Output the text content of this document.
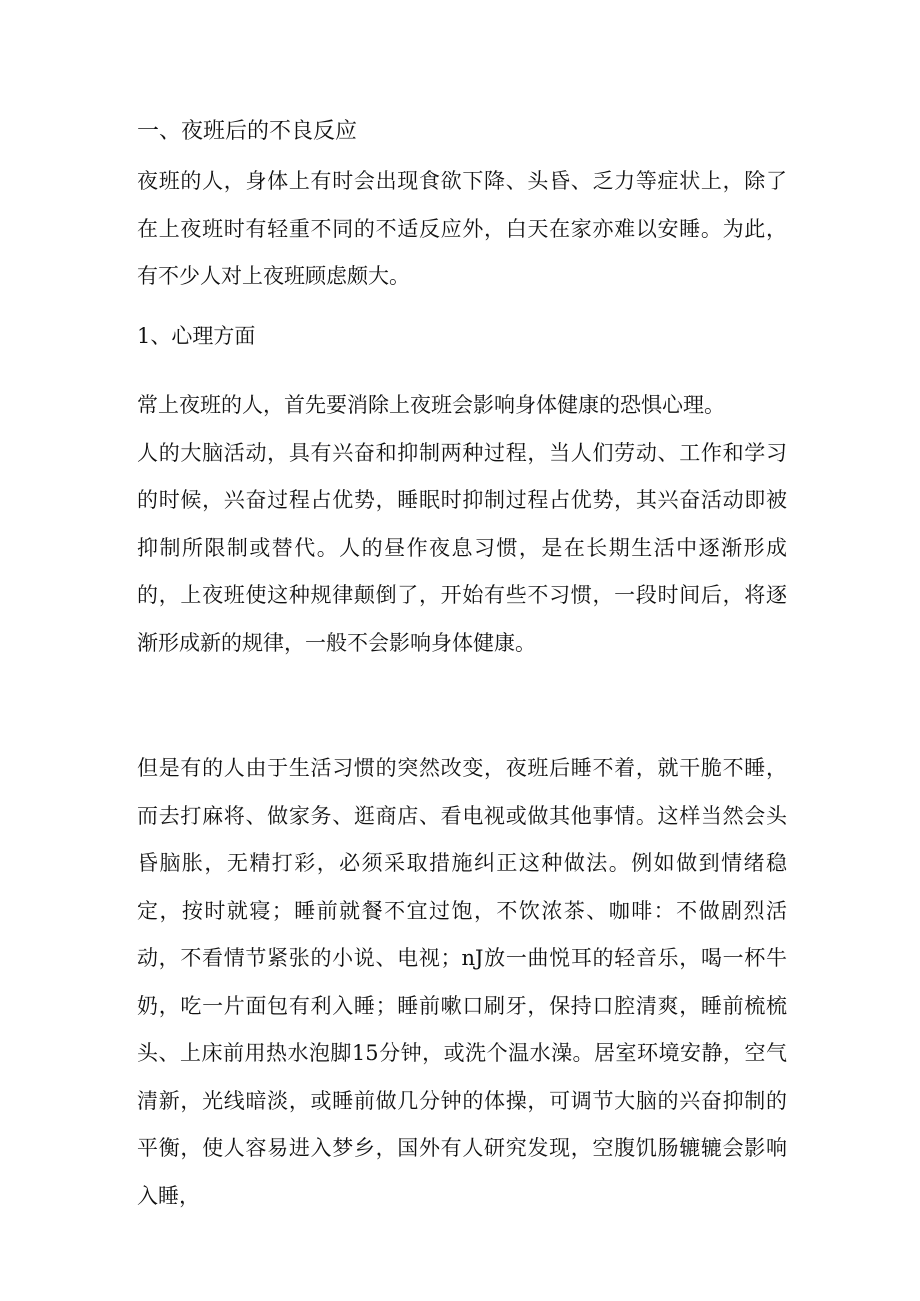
一、夜班后的不良反应

夜班的人，身体上有时会出现食欲下降、头昏、乏力等症状上，除了在上夜班时有轻重不同的不适反应外，白天在家亦难以安睡。为此，有不少人对上夜班顾虑颇大。

1、心理方面

常上夜班的人，首先要消除上夜班会影响身体健康的恐惧心理。

人的大脑活动，具有兴奋和抑制两种过程，当人们劳动、工作和学习的时候，兴奋过程占优势，睡眠时抑制过程占优势，其兴奋活动即被抑制所限制或替代。人的昼作夜息习惯，是在长期生活中逐渐形成的，上夜班使这种规律颠倒了，开始有些不习惯，一段时间后，将逐渐形成新的规律，一般不会影响身体健康。

但是有的人由于生活习惯的突然改变，夜班后睡不着，就干脆不睡，而去打麻将、做家务、逛商店、看电视或做其他事情。这样当然会头昏脑胀，无精打彩，必须采取措施纠正这种做法。例如做到情绪稳定，按时就寝；睡前就餐不宜过饱，不饮浓茶、咖啡：不做剧烈活动，不看情节紧张的小说、电视；nJ放一曲悦耳的轻音乐，喝一杯牛奶，吃一片面包有利入睡；睡前嗽口刷牙，保持口腔清爽，睡前梳梳头、上床前用热水泡脚15分钟，或洗个温水澡。居室环境安静，空气清新，光线暗淡，或睡前做几分钟的体操，可调节大脑的兴奋抑制的平衡，使人容易进入梦乡，国外有人研究发现，空腹饥肠辘辘会影响入睡，
